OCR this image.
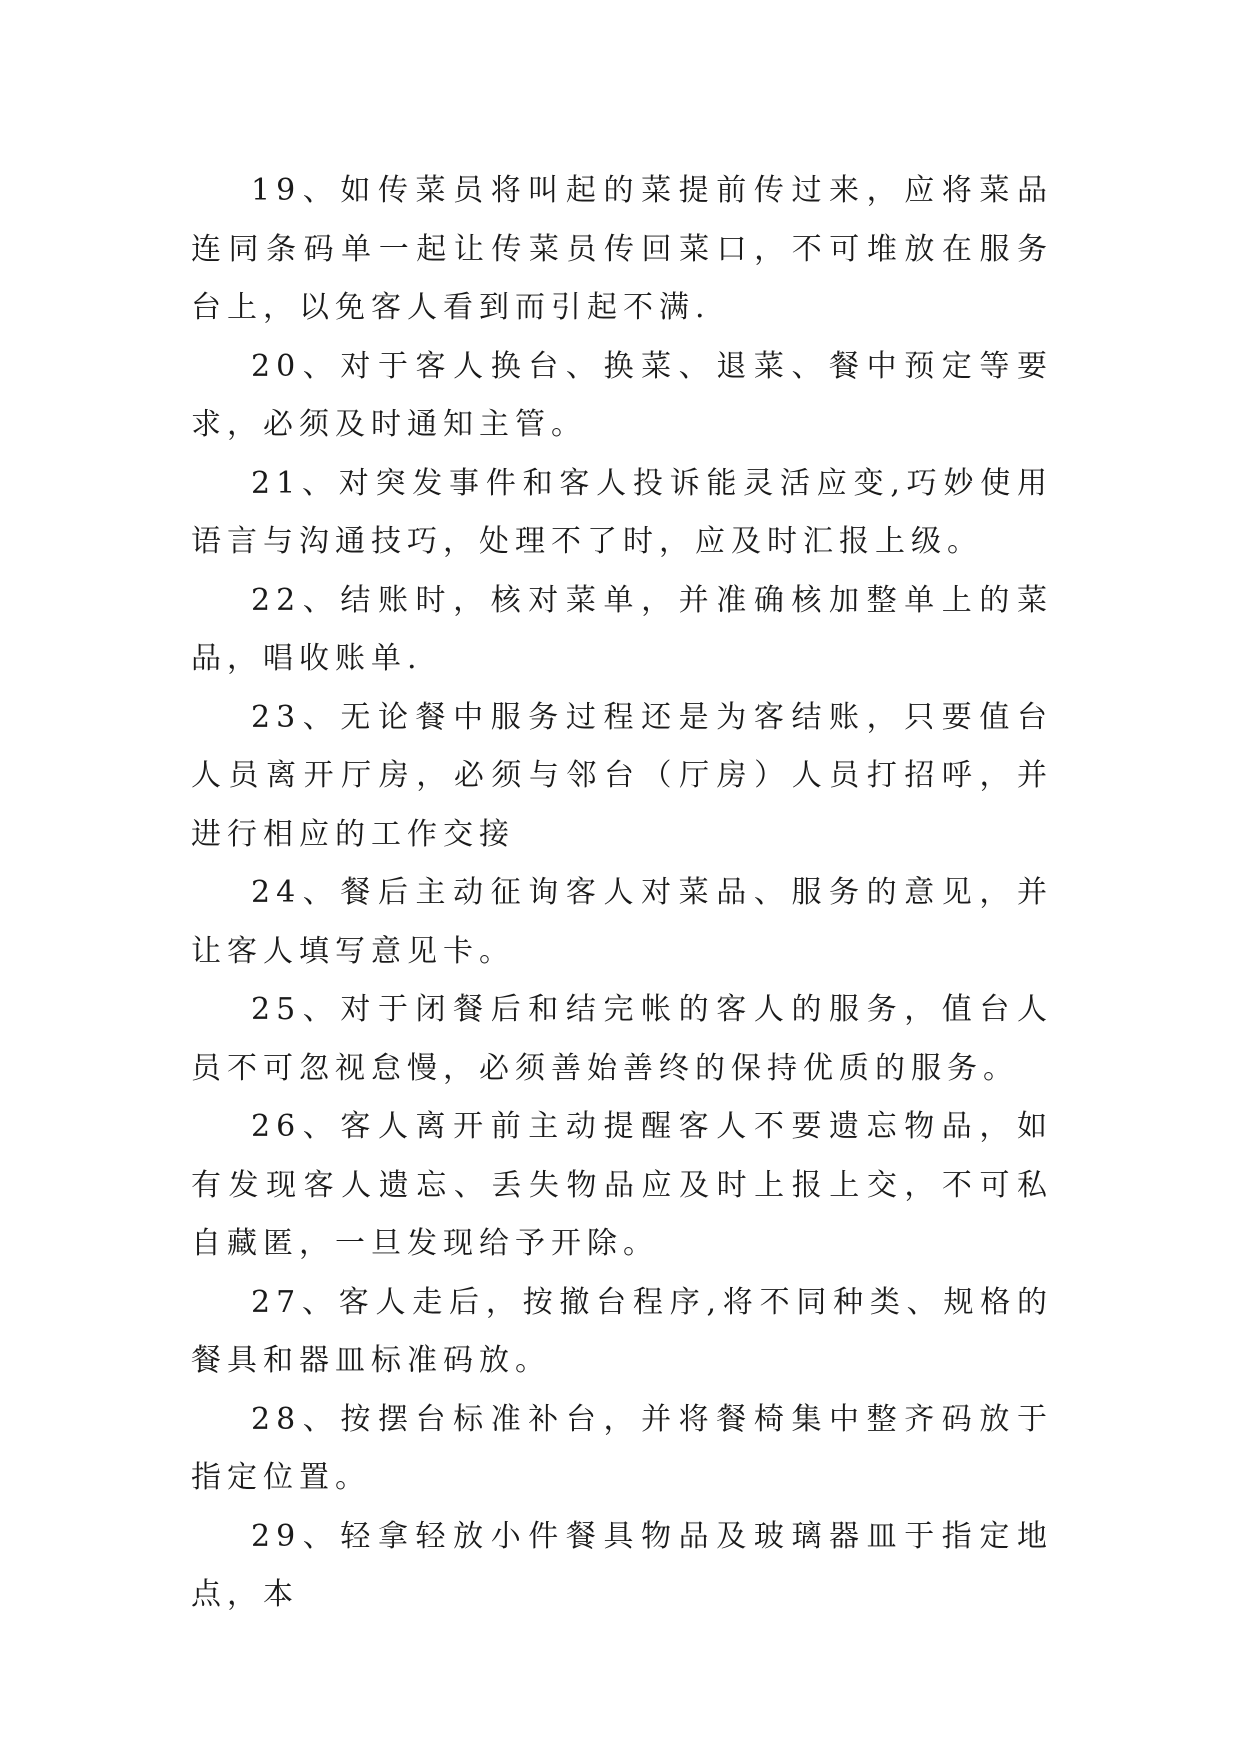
19、如传菜员将叫起的菜提前传过来，应将菜品连同条码单一起让传菜员传回菜口，不可堆放在服务台上，以免客人看到而引起不满.

20、对于客人换台、换菜、退菜、餐中预定等要求，必须及时通知主管。

21、对突发事件和客人投诉能灵活应变,巧妙使用语言与沟通技巧，处理不了时，应及时汇报上级。

22、结账时，核对菜单，并准确核加整单上的菜品，唱收账单.

23、无论餐中服务过程还是为客结账，只要值台人员离开厅房，必须与邻台（厅房）人员打招呼，并进行相应的工作交接

24、餐后主动征询客人对菜品、服务的意见，并让客人填写意见卡。

25、对于闭餐后和结完帐的客人的服务，值台人员不可忽视怠慢，必须善始善终的保持优质的服务。

26、客人离开前主动提醒客人不要遗忘物品，如有发现客人遗忘、丢失物品应及时上报上交，不可私自藏匿，一旦发现给予开除。

27、客人走后，按撤台程序,将不同种类、规格的餐具和器皿标准码放。

28、按摆台标准补台，并将餐椅集中整齐码放于指定位置。

29、轻拿轻放小件餐具物品及玻璃器皿于指定地点，本
